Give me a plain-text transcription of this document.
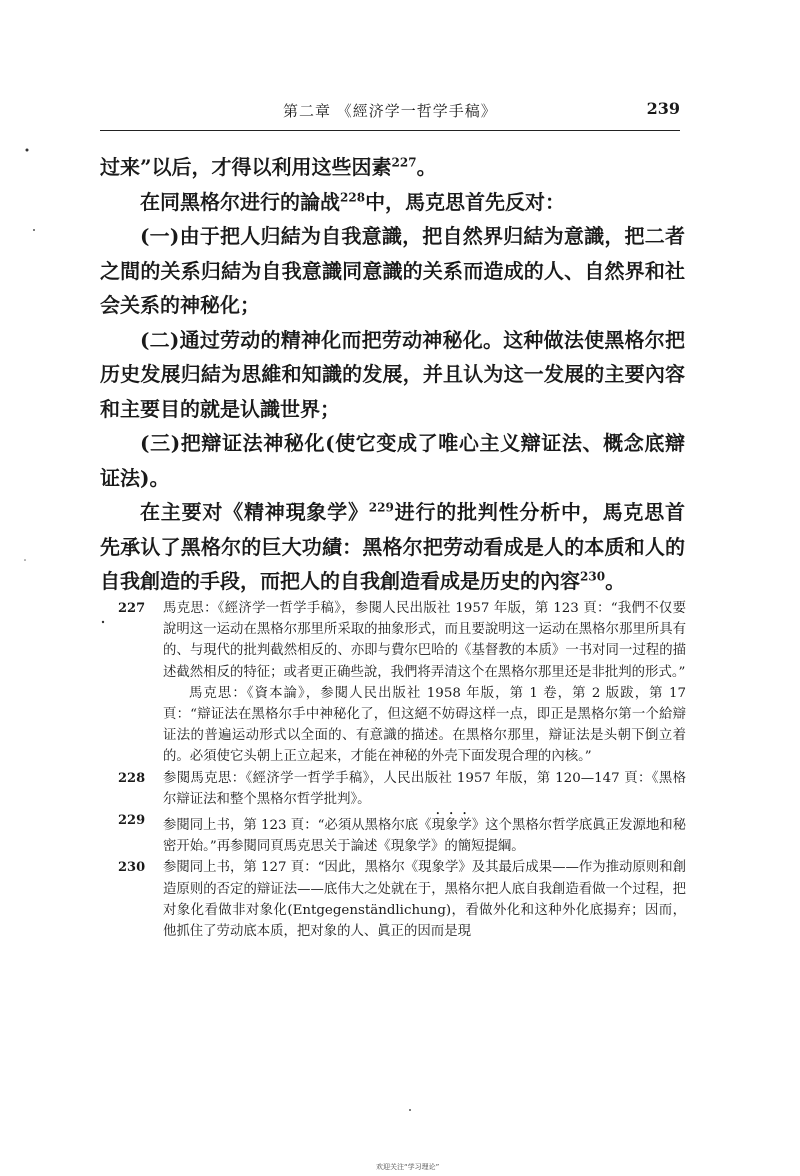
第二章 《經济学一哲学手稿》	239

过来”以后，才得以利用这些因素$^{227}$。

在同黑格尔进行的論战$^{228}$中，馬克思首先反对：

(一)由于把人归結为自我意識，把自然界归結为意識，把二者之間的关系归結为自我意識同意識的关系而造成的人、自然界和社会关系的神秘化；

(二)通过劳动的精神化而把劳动神秘化。这种做法使黑格尔把历史发展归結为思維和知識的发展，并且认为这一发展的主要內容和主要目的就是认識世界；

(三)把辯证法神秘化(使它变成了唯心主义辯证法、概念底辯证法)。

在主要对《精神現象学》$^{229}$进行的批判性分析中，馬克思首先承认了黑格尔的巨大功績：黑格尔把劳动看成是人的本质和人的自我創造的手段，而把人的自我創造看成是历史的內容$^{230}$。

227 馬克思：《經济学一哲学手稿》，参閱人民出版社 1957 年版，第 123 頁：“我們不仅要說明这一运动在黑格尔那里所采取的抽象形式，而且要說明这一运动在黑格尔那里所具有的、与現代的批判截然相反的、亦即与費尔巴哈的《基督教的本质》一书对同一过程的描述截然相反的特征；或者更正确些說，我們将弄清这个在黑格尔那里还是非批判的形式。”

馬克思：《資本論》，参閱人民出版社 1958 年版，第 1 卷，第 2 版跋，第 17 頁：“辯证法在黑格尔手中神秘化了，但这絕不妨碍这样一点，即正是黑格尔第一个給辯证法的普遍运动形式以全面的、有意識的描述。在黑格尔那里，辯证法是头朝下倒立着的。必須使它头朝上正立起来，才能在神秘的外壳下面发現合理的內核。”

228 参閱馬克思：《經济学一哲学手稿》，人民出版社 1957 年版，第 120—147 頁：《黑格尔辯证法和整个黑格尔哲学批判》。

229 参閱同上书，第 123 頁：“必須从黑格尔底《現象学》这个黑格尔哲学底眞正发源地和秘密开始。”再参閱同頁馬克思关于論述《現象学》的簡短提綱。

230 参閱同上书，第 127 頁：“因此，黑格尔《現象学》及其最后成果——作为推动原则和創造原则的否定的辯证法——底伟大之处就在于，黑格尔把人底自我創造看做一个过程，把对象化看做非对象化(Entgegenständlichung)，看做外化和这种外化底揚弃；因而，他抓住了劳动底本质，把对象的人、眞正的因而是現

欢迎关注“学习理论”
